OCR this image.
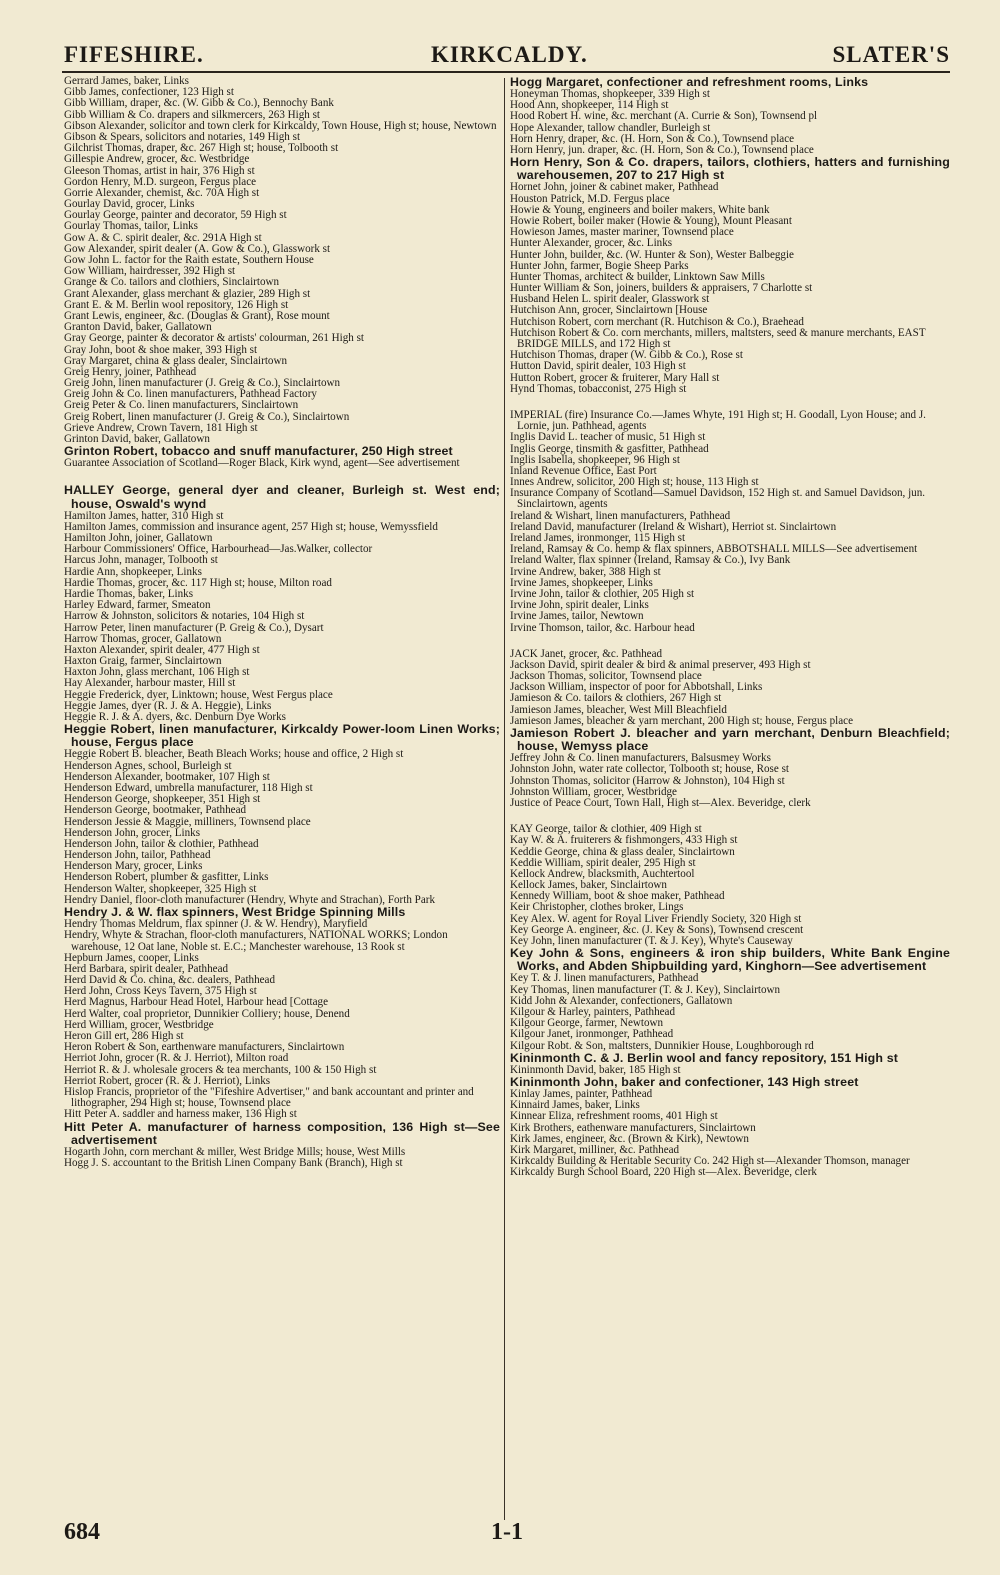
FIFESHIRE.	KIRKCALDY.	SLATER'S
Gerrard James, baker, Links
Gibb James, confectioner, 123 High st
Gibb William, draper, &c. (W. Gibb & Co.), Bennochy Bank
Gibb William & Co. drapers and silkmercers, 263 High st
Gibson Alexander, solicitor and town clerk for Kirkcaldy, Town House, High st; house, Newtown
Gibson & Spears, solicitors and notaries, 149 High st
Gilchrist Thomas, draper, &c. 267 High st; house, Tolbooth st
Gillespie Andrew, grocer, &c. Westbridge
Gleeson Thomas, artist in hair, 376 High st
Gordon Henry, M.D. surgeon, Fergus place
Gorrie Alexander, chemist, &c. 70A High st
Gourlay David, grocer, Links
Gourlay George, painter and decorator, 59 High st
Gourlay Thomas, tailor, Links
Gow A. & C. spirit dealer, &c. 291A High st
Gow Alexander, spirit dealer (A. Gow & Co.), Glasswork st
Gow John L. factor for the Raith estate, Southern House
Gow William, hairdresser, 392 High st
Grange & Co. tailors and clothiers, Sinclairtown
Grant Alexander, glass merchant & glazier, 289 High st
Grant E. & M. Berlin wool repository, 126 High st
Grant Lewis, engineer, &c. (Douglas & Grant), Rose mount
Granton David, baker, Gallatown
Gray George, painter & decorator & artists' colourman, 261 High st
Gray John, boot & shoe maker, 393 High st
Gray Margaret, china & glass dealer, Sinclairtown
Greig Henry, joiner, Pathhead
Greig John, linen manufacturer (J. Greig & Co.), Sinclairtown
Greig John & Co. linen manufacturers, Pathhead Factory
Greig Peter & Co. linen manufacturers, Sinclairtown
Greig Robert, linen manufacturer (J. Greig & Co.), Sinclairtown
Grieve Andrew, Crown Tavern, 181 High st
Grinton David, baker, Gallatown
Grinton Robert, tobacco and snuff manufacturer, 250 High street
Guarantee Association of Scotland—Roger Black, Kirk wynd, agent—See advertisement
HALLEY George, general dyer and cleaner, Burleigh st. West end; house, Oswald's wynd
Hamilton James, hatter, 310 High st
Hamilton James, commission and insurance agent, 257 High st; house, Wemyssfield
Hamilton John, joiner, Gallatown
Harbour Commissioners' Office, Harbourhead—Jas.Walker, collector
Harcus John, manager, Tolbooth st
Hardie Ann, shopkeeper, Links
Hardie Thomas, grocer, &c. 117 High st; house, Milton road
Hardie Thomas, baker, Links
Harley Edward, farmer, Smeaton
Harrow & Johnston, solicitors & notaries, 104 High st
Harrow Peter, linen manufacturer (P. Greig & Co.), Dysart
Harrow Thomas, grocer, Gallatown
Haxton Alexander, spirit dealer, 477 High st
Haxton Graig, farmer, Sinclairtown
Haxton John, glass merchant, 106 High st
Hay Alexander, harbour master, Hill st
Heggie Frederick, dyer, Linktown; house, West Fergus place
Heggie James, dyer (R. J. & A. Heggie), Links
Heggie R. J. & A. dyers, &c. Denburn Dye Works
Heggie Robert, linen manufacturer, Kirkcaldy Power-loom Linen Works; house, Fergus place
Heggie Robert B. bleacher, Beath Bleach Works; house and office, 2 High st
Henderson Agnes, school, Burleigh st
Henderson Alexander, bootmaker, 107 High st
Henderson Edward, umbrella manufacturer, 118 High st
Henderson George, shopkeeper, 351 High st
Henderson George, bootmaker, Pathhead
Henderson Jessie & Maggie, milliners, Townsend place
Henderson John, grocer, Links
Henderson John, tailor & clothier, Pathhead
Henderson John, tailor, Pathhead
Henderson Mary, grocer, Links
Henderson Robert, plumber & gasfitter, Links
Henderson Walter, shopkeeper, 325 High st
Hendry Daniel, floor-cloth manufacturer (Hendry, Whyte and Strachan), Forth Park
Hendry J. & W. flax spinners, West Bridge Spinning Mills
Hendry Thomas Meldrum, flax spinner (J. & W. Hendry), Maryfield
Hendry, Whyte & Strachan, floor-cloth manufacturers, NATIONAL WORKS; London warehouse, 12 Oat lane, Noble st. E.C.; Manchester warehouse, 13 Rook st
Hepburn James, cooper, Links
Herd Barbara, spirit dealer, Pathhead
Herd David & Co. china, &c. dealers, Pathhead
Herd John, Cross Keys Tavern, 375 High st
Herd Magnus, Harbour Head Hotel, Harbour head [Cottage
Herd Walter, coal proprietor, Dunnikier Colliery; house, Denend
Herd William, grocer, Westbridge
Heron Gill ert, 286 High st
Heron Robert & Son, earthenware manufacturers, Sinclairtown
Herriot John, grocer (R. & J. Herriot), Milton road
Herriot R. & J. wholesale grocers & tea merchants, 100 & 150 High st
Herriot Robert, grocer (R. & J. Herriot), Links
Hislop Francis, proprietor of the "Fifeshire Advertiser," and bank accountant and printer and lithographer, 294 High st; house, Townsend place
Hitt Peter A. saddler and harness maker, 136 High st
Hitt Peter A. manufacturer of harness composition, 136 High st—See advertisement
Hogarth John, corn merchant & miller, West Bridge Mills; house, West Mills
Hogg J. S. accountant to the British Linen Company Bank (Branch), High st
Hogg Margaret, confectioner and refreshment rooms, Links
Honeyman Thomas, shopkeeper, 339 High st
Hood Ann, shopkeeper, 114 High st
Hood Robert H. wine, &c. merchant (A. Currie & Son), Townsend pl
Hope Alexander, tallow chandler, Burleigh st
Horn Henry, draper, &c. (H. Horn, Son & Co.), Townsend place
Horn Henry, jun. draper, &c. (H. Horn, Son & Co.), Townsend place
Horn Henry, Son & Co. drapers, tailors, clothiers, hatters and furnishing warehousemen, 207 to 217 High st
Hornet John, joiner & cabinet maker, Pathhead
Houston Patrick, M.D. Fergus place
Howie & Young, engineers and boiler makers, White bank
Howie Robert, boiler maker (Howie & Young), Mount Pleasant
Howieson James, master mariner, Townsend place
Hunter Alexander, grocer, &c. Links
Hunter John, builder, &c. (W. Hunter & Son), Wester Balbeggie
Hunter John, farmer, Bogie Sheep Parks
Hunter Thomas, architect & builder, Linktown Saw Mills
Hunter William & Son, joiners, builders & appraisers, 7 Charlotte st
Husband Helen L. spirit dealer, Glasswork st
Hutchison Ann, grocer, Sinclairtown [House
Hutchison Robert, corn merchant (R. Hutchison & Co.), Braehead
Hutchison Robert & Co. corn merchants, millers, maltsters, seed & manure merchants, EAST BRIDGE MILLS, and 172 High st
Hutchison Thomas, draper (W. Gibb & Co.), Rose st
Hutton David, spirit dealer, 103 High st
Hutton Robert, grocer & fruiterer, Mary Hall st
Hynd Thomas, tobacconist, 275 High st
IMPERIAL (fire) Insurance Co.—James Whyte, 191 High st; H. Goodall, Lyon House; and J. Lornie, jun. Pathhead, agents
Inglis David L. teacher of music, 51 High st
Inglis George, tinsmith & gasfitter, Pathhead
Inglis Isabella, shopkeeper, 96 High st
Inland Revenue Office, East Port
Innes Andrew, solicitor, 200 High st; house, 113 High st
Insurance Company of Scotland—Samuel Davidson, 152 High st. and Samuel Davidson, jun. Sinclairtown, agents
Ireland & Wishart, linen manufacturers, Pathhead
Ireland David, manufacturer (Ireland & Wishart), Herriot st. Sinclairtown
Ireland James, ironmonger, 115 High st
Ireland, Ramsay & Co. hemp & flax spinners, ABBOTSHALL MILLS—See advertisement
Ireland Walter, flax spinner (Ireland, Ramsay & Co.), Ivy Bank
Irvine Andrew, baker, 388 High st
Irvine James, shopkeeper, Links
Irvine John, tailor & clothier, 205 High st
Irvine John, spirit dealer, Links
Irvine James, tailor, Newtown
Irvine Thomson, tailor, &c. Harbour head
JACK Janet, grocer, &c. Pathhead
Jackson David, spirit dealer & bird & animal preserver, 493 High st
Jackson Thomas, solicitor, Townsend place
Jackson William, inspector of poor for Abbotshall, Links
Jamieson & Co. tailors & clothiers, 267 High st
Jamieson James, bleacher, West Mill Bleachfield
Jamieson James, bleacher & yarn merchant, 200 High st; house, Fergus place
Jamieson Robert J. bleacher and yarn merchant, Denburn Bleachfield; house, Wemyss place
Jeffrey John & Co. linen manufacturers, Balsusmey Works
Johnston John, water rate collector, Tolbooth st; house, Rose st
Johnston Thomas, solicitor (Harrow & Johnston), 104 High st
Johnston William, grocer, Westbridge
Justice of Peace Court, Town Hall, High st—Alex. Beveridge, clerk
KAY George, tailor & clothier, 409 High st
Kay W. & A. fruiterers & fishmongers, 433 High st
Keddie George, china & glass dealer, Sinclairtown
Keddie William, spirit dealer, 295 High st
Kellock Andrew, blacksmith, Auchtertool
Kellock James, baker, Sinclairtown
Kennedy William, boot & shoe maker, Pathhead
Keir Christopher, clothes broker, Lings
Key Alex. W. agent for Royal Liver Friendly Society, 320 High st
Key George A. engineer, &c. (J. Key & Sons), Townsend crescent
Key John, linen manufacturer (T. & J. Key), Whyte's Causeway
Key John & Sons, engineers & iron ship builders, White Bank Engine Works, and Abden Shipbuilding yard, Kinghorn—See advertisement
Key T. & J. linen manufacturers, Pathhead
Key Thomas, linen manufacturer (T. & J. Key), Sinclairtown
Kidd John & Alexander, confectioners, Gallatown
Kilgour & Harley, painters, Pathhead
Kilgour George, farmer, Newtown
Kilgour Janet, ironmonger, Pathhead
Kilgour Robt. & Son, maltsters, Dunnikier House, Loughborough rd
Kininmonth C. & J. Berlin wool and fancy repository, 151 High st
Kininmonth David, baker, 185 High st
Kininmonth John, baker and confectioner, 143 High street
Kinlay James, painter, Pathhead
Kinnaird James, baker, Links
Kinnear Eliza, refreshment rooms, 401 High st
Kirk Brothers, eathenware manufacturers, Sinclairtown
Kirk James, engineer, &c. (Brown & Kirk), Newtown
Kirk Margaret, milliner, &c. Pathhead
Kirkcaldy Building & Heritable Security Co. 242 High st—Alexander Thomson, manager
Kirkcaldy Burgh School Board, 220 High st—Alex. Beveridge, clerk
684	1-1
